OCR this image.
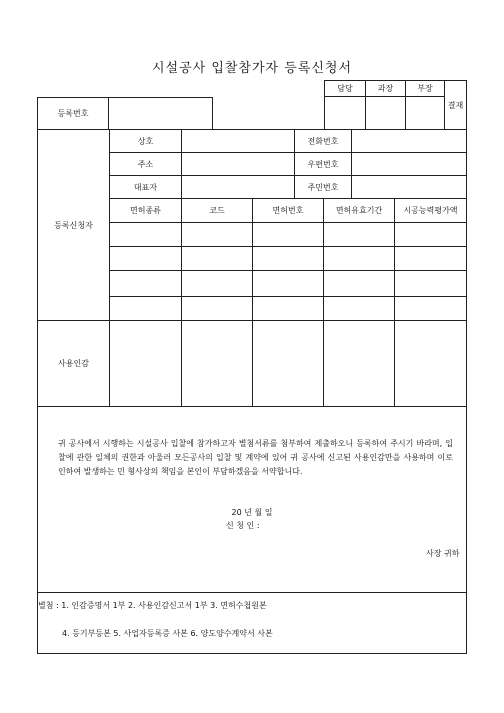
시설공사 입찰참가자 등록신청서
담당	과장	부장
결재
등록번호
등록신청자
상호	전화번호
주소	우편번호
대표자	주민번호
면허종류	코드	면허번호	면허유효기간	시공능력평가액
사용인감
귀 공사에서 시행하는 시설공사 입찰에 참가하고자 별첨서류를 첨부하여 제출하오니 등록하여 주시기 바라며, 입찰에 관한 일체의 권한과 아울러 모든공사의 입찰 및 계약에 있어 귀 공사에 신고된 사용인감만을 사용하며 이로 인하여 발생하는 민 형사상의 책임을 본인이 부담하겠음을 서약합니다.
20 년 월 일
신 청 인 :
사장 귀하
별첨 : 1. 인감증명서 1부 2. 사용인감신고서 1부 3. 면허수첩원본
4. 등기부등본 5. 사업자등록증 사본 6. 양도양수계약서 사본
